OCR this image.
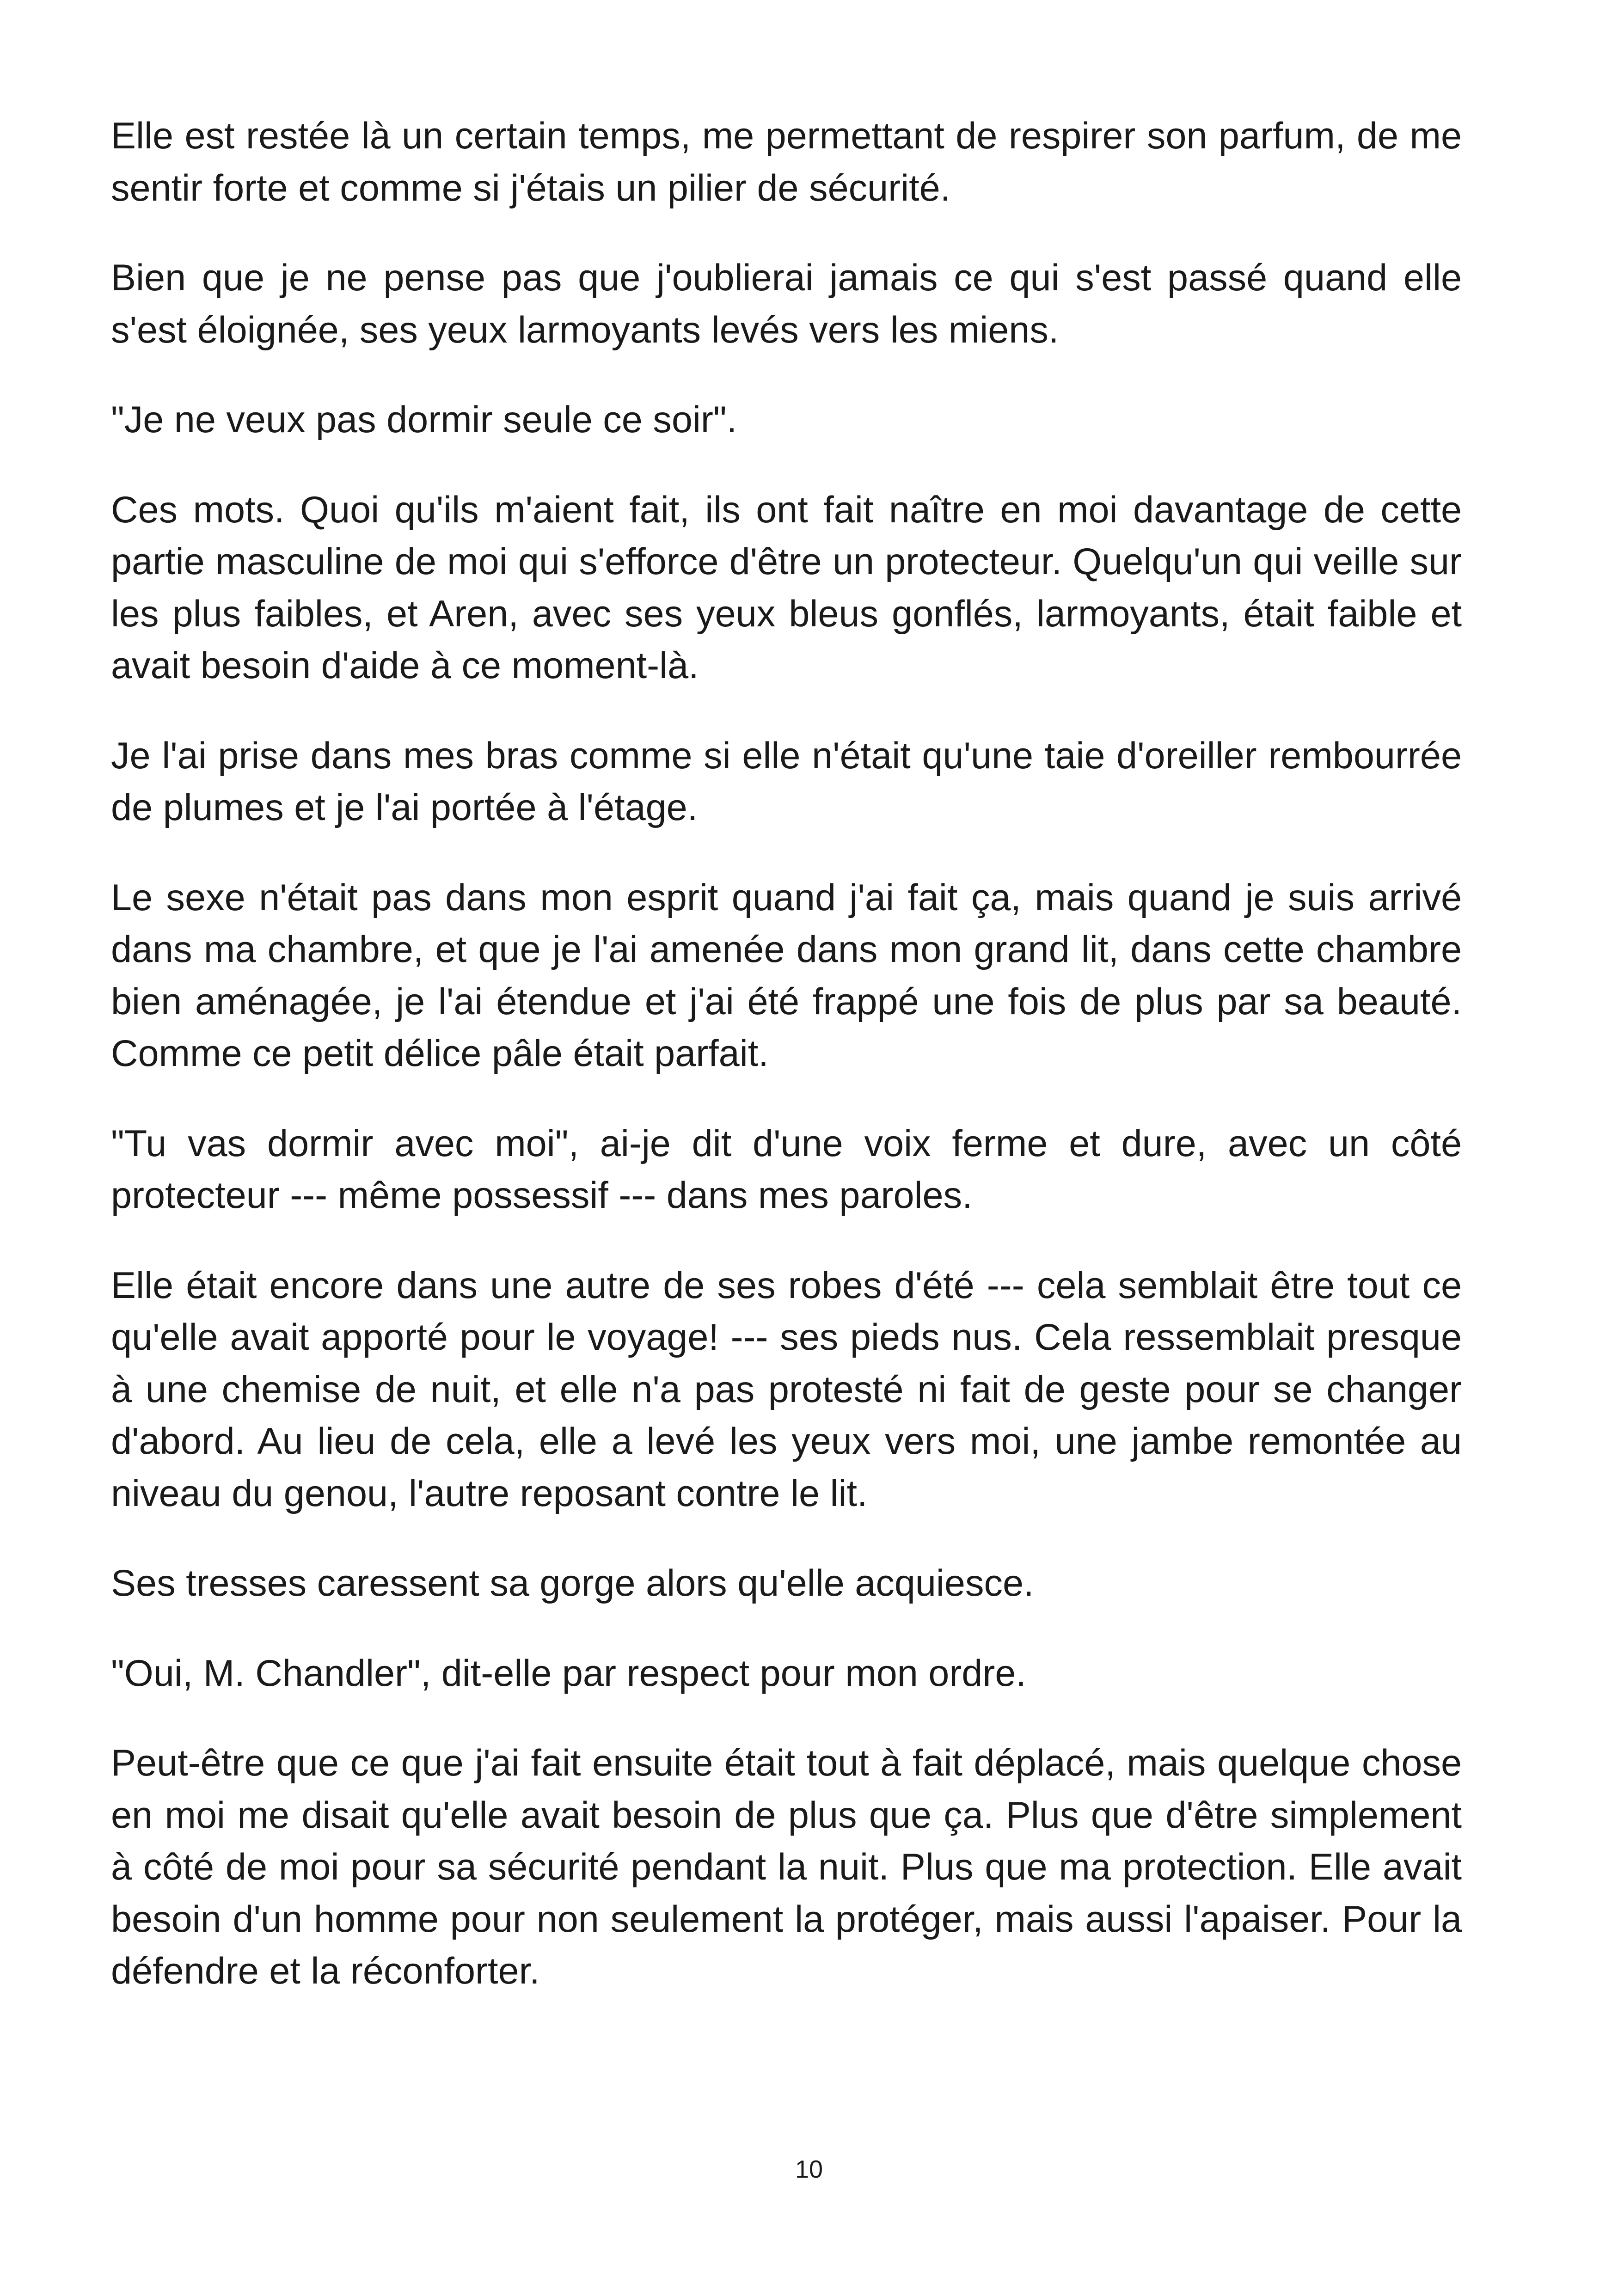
Elle est restée là un certain temps, me permettant de respirer son parfum, de me sentir forte et comme si j'étais un pilier de sécurité.

Bien que je ne pense pas que j'oublierai jamais ce qui s'est passé quand elle s'est éloignée, ses yeux larmoyants levés vers les miens.

"Je ne veux pas dormir seule ce soir".

Ces mots. Quoi qu'ils m'aient fait, ils ont fait naître en moi davantage de cette partie masculine de moi qui s'efforce d'être un protecteur. Quelqu'un qui veille sur les plus faibles, et Aren, avec ses yeux bleus gonflés, larmoyants, était faible et avait besoin d'aide à ce moment-là.

Je l'ai prise dans mes bras comme si elle n'était qu'une taie d'oreiller rembourrée de plumes et je l'ai portée à l'étage.

Le sexe n'était pas dans mon esprit quand j'ai fait ça, mais quand je suis arrivé dans ma chambre, et que je l'ai amenée dans mon grand lit, dans cette chambre bien aménagée, je l'ai étendue et j'ai été frappé une fois de plus par sa beauté. Comme ce petit délice pâle était parfait.

"Tu vas dormir avec moi", ai-je dit d'une voix ferme et dure, avec un côté protecteur --- même possessif --- dans mes paroles.

Elle était encore dans une autre de ses robes d'été --- cela semblait être tout ce qu'elle avait apporté pour le voyage! --- ses pieds nus. Cela ressemblait presque à une chemise de nuit, et elle n'a pas protesté ni fait de geste pour se changer d'abord. Au lieu de cela, elle a levé les yeux vers moi, une jambe remontée au niveau du genou, l'autre reposant contre le lit.

Ses tresses caressent sa gorge alors qu'elle acquiesce.

"Oui, M. Chandler", dit-elle par respect pour mon ordre.

Peut-être que ce que j'ai fait ensuite était tout à fait déplacé, mais quelque chose en moi me disait qu'elle avait besoin de plus que ça. Plus que d'être simplement à côté de moi pour sa sécurité pendant la nuit. Plus que ma protection. Elle avait besoin d'un homme pour non seulement la protéger, mais aussi l'apaiser. Pour la défendre et la réconforter.

10
